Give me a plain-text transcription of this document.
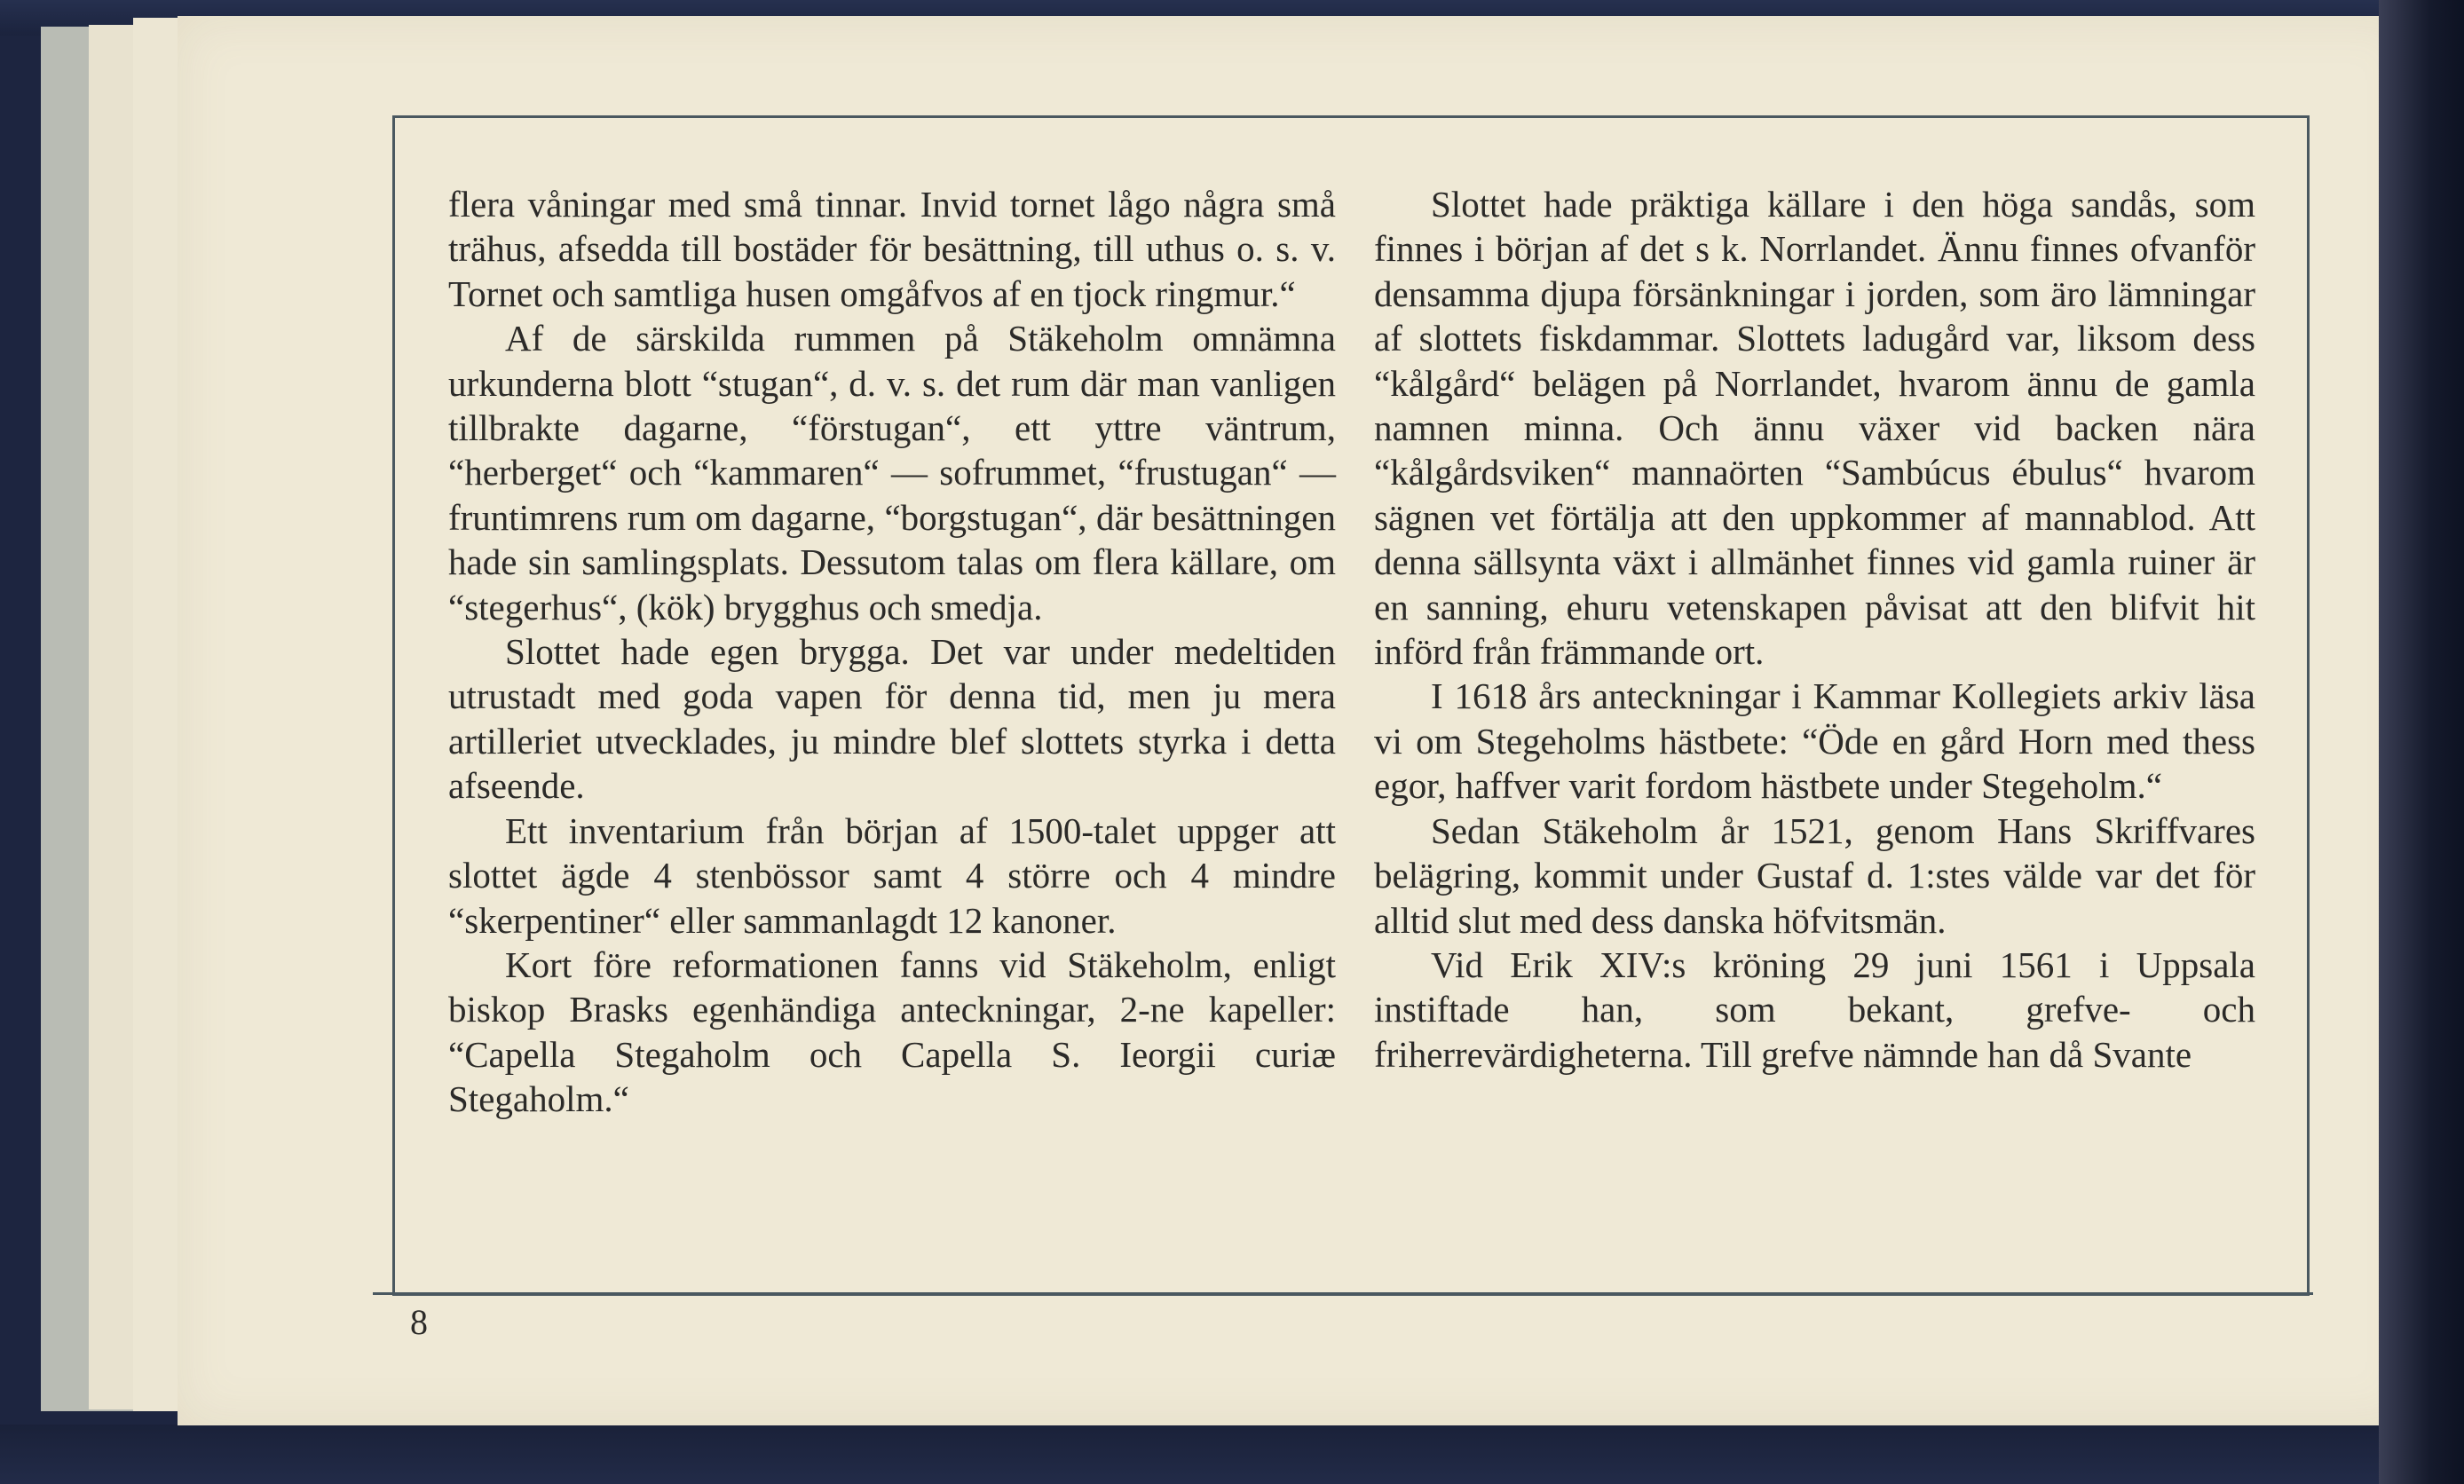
flera våningar med små tinnar. Invid tornet lågo några små trähus, afsedda till bostäder för besättning, till uthus o. s. v. Tornet och samtliga husen omgåfvos af en tjock ringmur.“

Af de särskilda rummen på Stäkeholm omnämna urkunderna blott “stugan“, d. v. s. det rum där man vanligen tillbrakte dagarne, “förstugan“, ett yttre väntrum, “herberget“ och “kammaren“ — sofrummet, “frustugan“ — fruntimrens rum om dagarne, “borgstugan“, där besättningen hade sin samlingsplats. Dessutom talas om flera källare, om “stegerhus“, (kök) brygghus och smedja.

Slottet hade egen brygga. Det var under medeltiden utrustadt med goda vapen för denna tid, men ju mera artilleriet utvecklades, ju mindre blef slottets styrka i detta afseende.

Ett inventarium från början af 1500-talet uppger att slottet ägde 4 stenbössor samt 4 större och 4 mindre “skerpentiner“ eller sammanlagdt 12 kanoner.

Kort före reformationen fanns vid Stäkeholm, enligt biskop Brasks egenhändiga anteckningar, 2-ne kapeller: “Capella Stegaholm och Capella S. Ieorgii curiæ Stegaholm.“

Slottet hade präktiga källare i den höga sandås, som finnes i början af det s k. Norrlandet. Ännu finnes ofvanför densamma djupa försänkningar i jorden, som äro lämningar af slottets fiskdammar. Slottets ladugård var, liksom dess “kålgård“ belägen på Norrlandet, hvarom ännu de gamla namnen minna. Och ännu växer vid backen nära “kålgårdsviken“ mannaörten “Sambúcus ébulus“ hvarom sägnen vet förtälja att den uppkommer af mannablod. Att denna sällsynta växt i allmänhet finnes vid gamla ruiner är en sanning, ehuru vetenskapen påvisat att den blifvit hit införd från främmande ort.

I 1618 års anteckningar i Kammar Kollegiets arkiv läsa vi om Stegeholms hästbete: “Öde en gård Horn med thess egor, haffver varit fordom hästbete under Stegeholm.“

Sedan Stäkeholm år 1521, genom Hans Skriffvares belägring, kommit under Gustaf d. 1:stes välde var det för alltid slut med dess danska höfvitsmän.

Vid Erik XIV:s kröning 29 juni 1561 i Uppsala instiftade han, som bekant, grefve- och friherrevärdigheterna. Till grefve nämnde han då Svante

8
